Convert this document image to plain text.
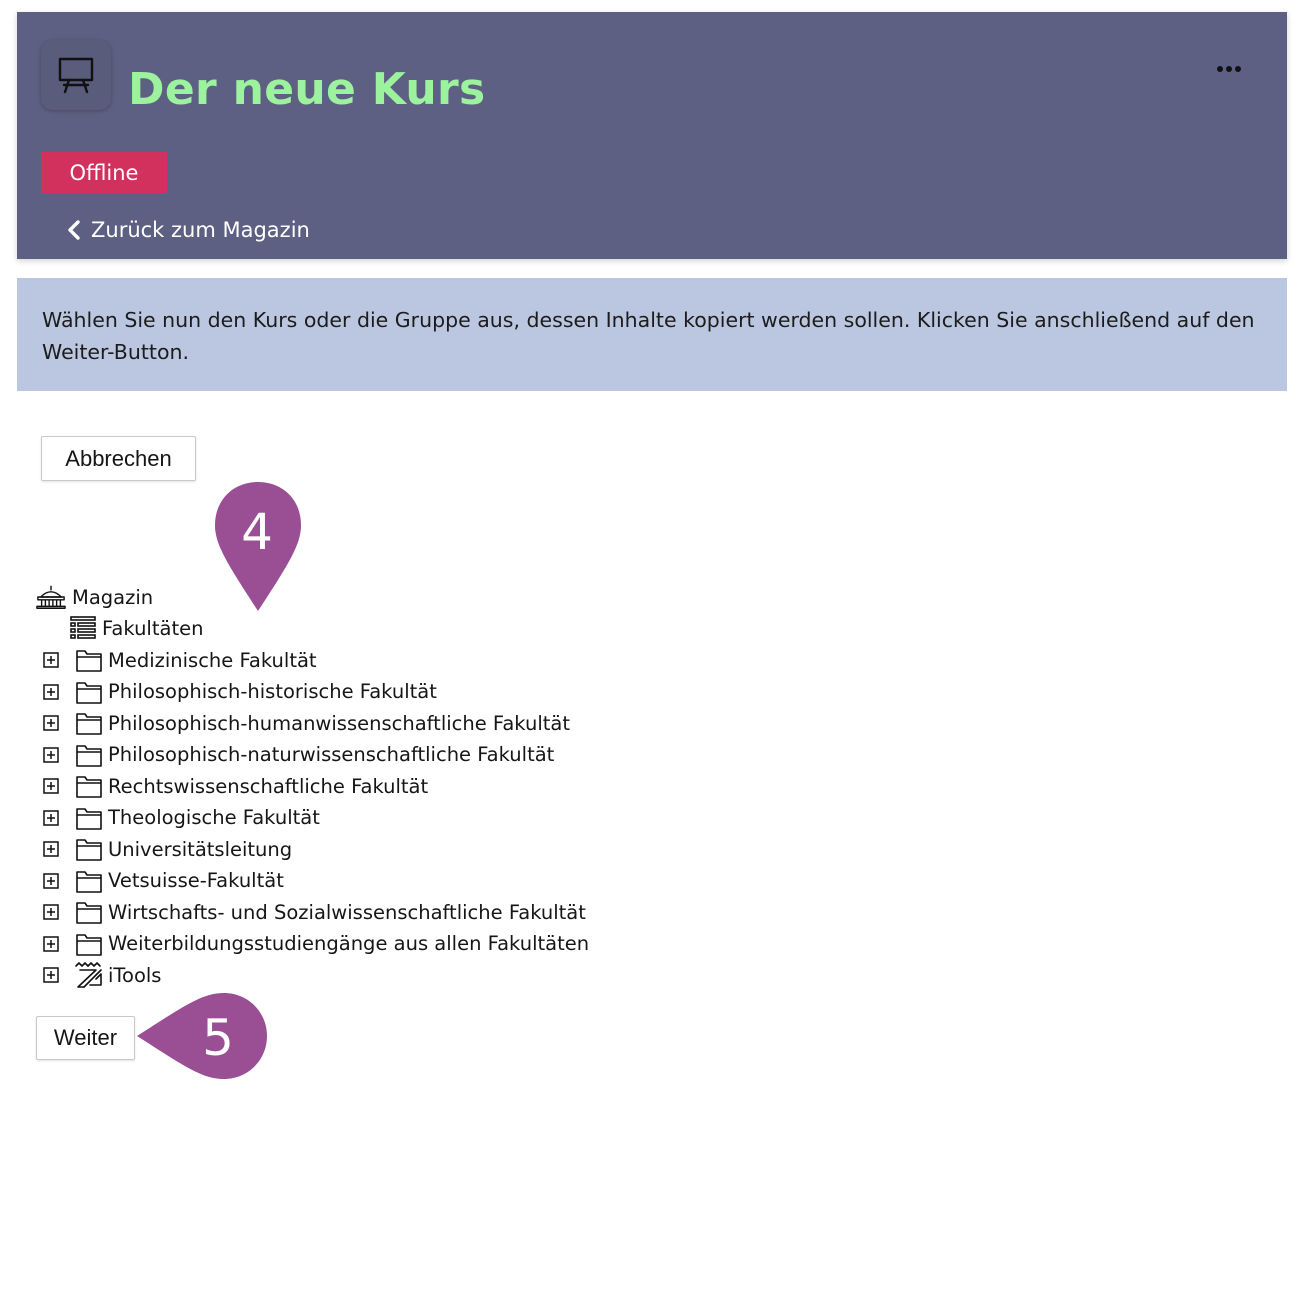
Der neue Kurs
Offline
Zurück zum Magazin
Wählen Sie nun den Kurs oder die Gruppe aus, dessen Inhalte kopiert werden sollen. Klicken Sie anschließend auf den Weiter-Button.
Abbrechen
4
Magazin
Fakultäten
Medizinische Fakultät
Philosophisch-historische Fakultät
Philosophisch-humanwissenschaftliche Fakultät
Philosophisch-naturwissenschaftliche Fakultät
Rechtswissenschaftliche Fakultät
Theologische Fakultät
Universitätsleitung
Vetsuisse-Fakultät
Wirtschafts- und Sozialwissenschaftliche Fakultät
Weiterbildungsstudiengänge aus allen Fakultäten
iTools
Weiter	5
